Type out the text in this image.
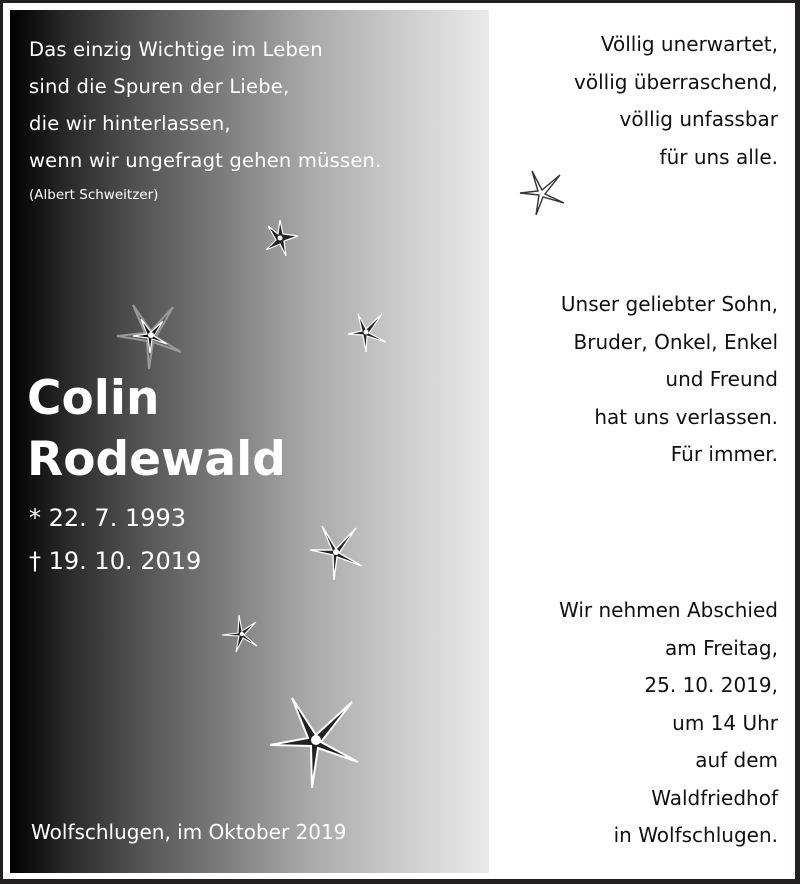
Das einzig Wichtige im Leben
sind die Spuren der Liebe,
die wir hinterlassen,
wenn wir ungefragt gehen müssen.
(Albert Schweitzer)
Colin
Rodewald
* 22. 7. 1993
† 19. 10. 2019
Wolfschlugen, im Oktober 2019
Völlig unerwartet,
völlig überraschend,
völlig unfassbar
für uns alle.
Unser geliebter Sohn,
Bruder, Onkel, Enkel
und Freund
hat uns verlassen.
Für immer.
Wir nehmen Abschied
am Freitag,
25. 10. 2019,
um 14 Uhr
auf dem
Waldfriedhof
in Wolfschlugen.
